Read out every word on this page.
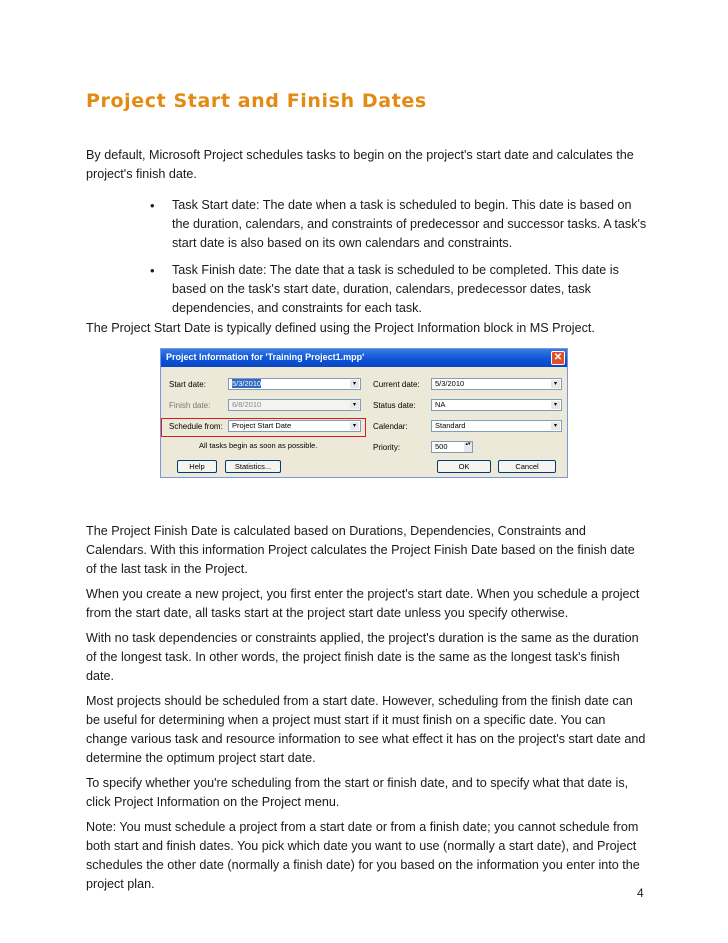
Project Start and Finish Dates

By default, Microsoft Project schedules tasks to begin on the project's start date and calculates the project's finish date.

• Task Start date: The date when a task is scheduled to begin. This date is based on the duration, calendars, and constraints of predecessor and successor tasks. A task's start date is also based on its own calendars and constraints.
• Task Finish date: The date that a task is scheduled to be completed. This date is based on the task's start date, duration, calendars, predecessor dates, task dependencies, and constraints for each task.

The Project Start Date is typically defined using the Project Information block in MS Project.

Project Information for 'Training Project1.mpp'	✕
Start date:	5/3/2010	▾
Finish date:	6/8/2010	▾
Schedule from:	Project Start Date	▾
All tasks begin as soon as possible.
Current date:	5/3/2010	▾
Status date:	NA	▾
Calendar:	Standard	▾
Priority:	500	▴▾
Help	Statistics...	OK	Cancel

The Project Finish Date is calculated based on Durations, Dependencies, Constraints and Calendars. With this information Project calculates the Project Finish Date based on the finish date of the last task in the Project.

When you create a new project, you first enter the project's start date. When you schedule a project from the start date, all tasks start at the project start date unless you specify otherwise.

With no task dependencies or constraints applied, the project's duration is the same as the duration of the longest task. In other words, the project finish date is the same as the longest task's finish date.

Most projects should be scheduled from a start date. However, scheduling from the finish date can be useful for determining when a project must start if it must finish on a specific date. You can change various task and resource information to see what effect it has on the project's start date and determine the optimum project start date.

To specify whether you're scheduling from the start or finish date, and to specify what that date is, click Project Information on the Project menu.

Note: You must schedule a project from a start date or from a finish date; you cannot schedule from both start and finish dates. You pick which date you want to use (normally a start date), and Project schedules the other date (normally a finish date) for you based on the information you enter into the project plan.

4
